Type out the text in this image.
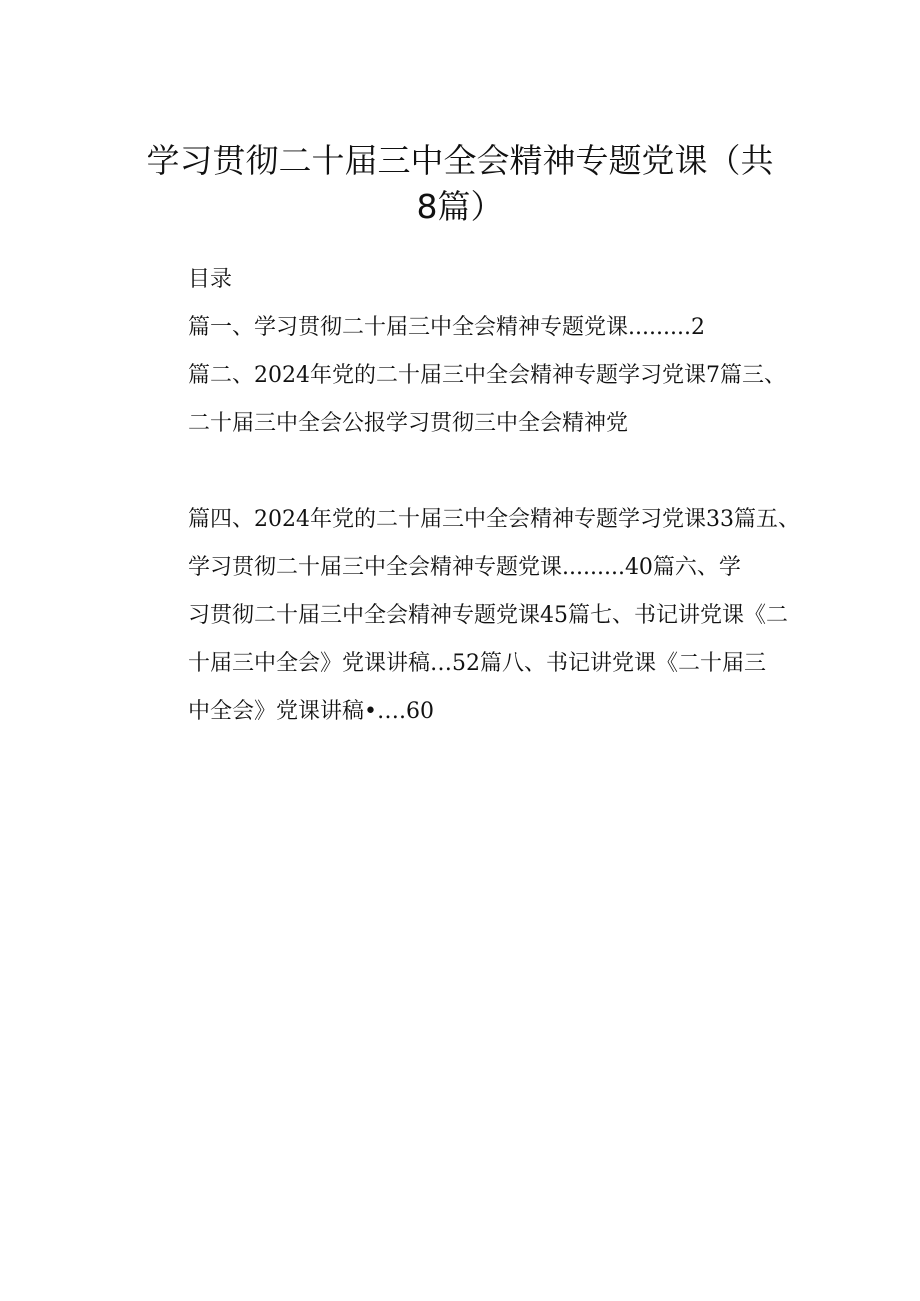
学习贯彻二十届三中全会精神专题党课（共
8篇）
目录
篇一、学习贯彻二十届三中全会精神专题党课.........2
篇二、2024年党的二十届三中全会精神专题学习党课7篇三、
二十届三中全会公报学习贯彻三中全会精神党
篇四、2024年党的二十届三中全会精神专题学习党课33篇五、
学习贯彻二十届三中全会精神专题党课.........40篇六、学
习贯彻二十届三中全会精神专题党课45篇七、书记讲党课《二
十届三中全会》党课讲稿…52篇八、书记讲党课《二十届三
中全会》党课讲稿•….60
